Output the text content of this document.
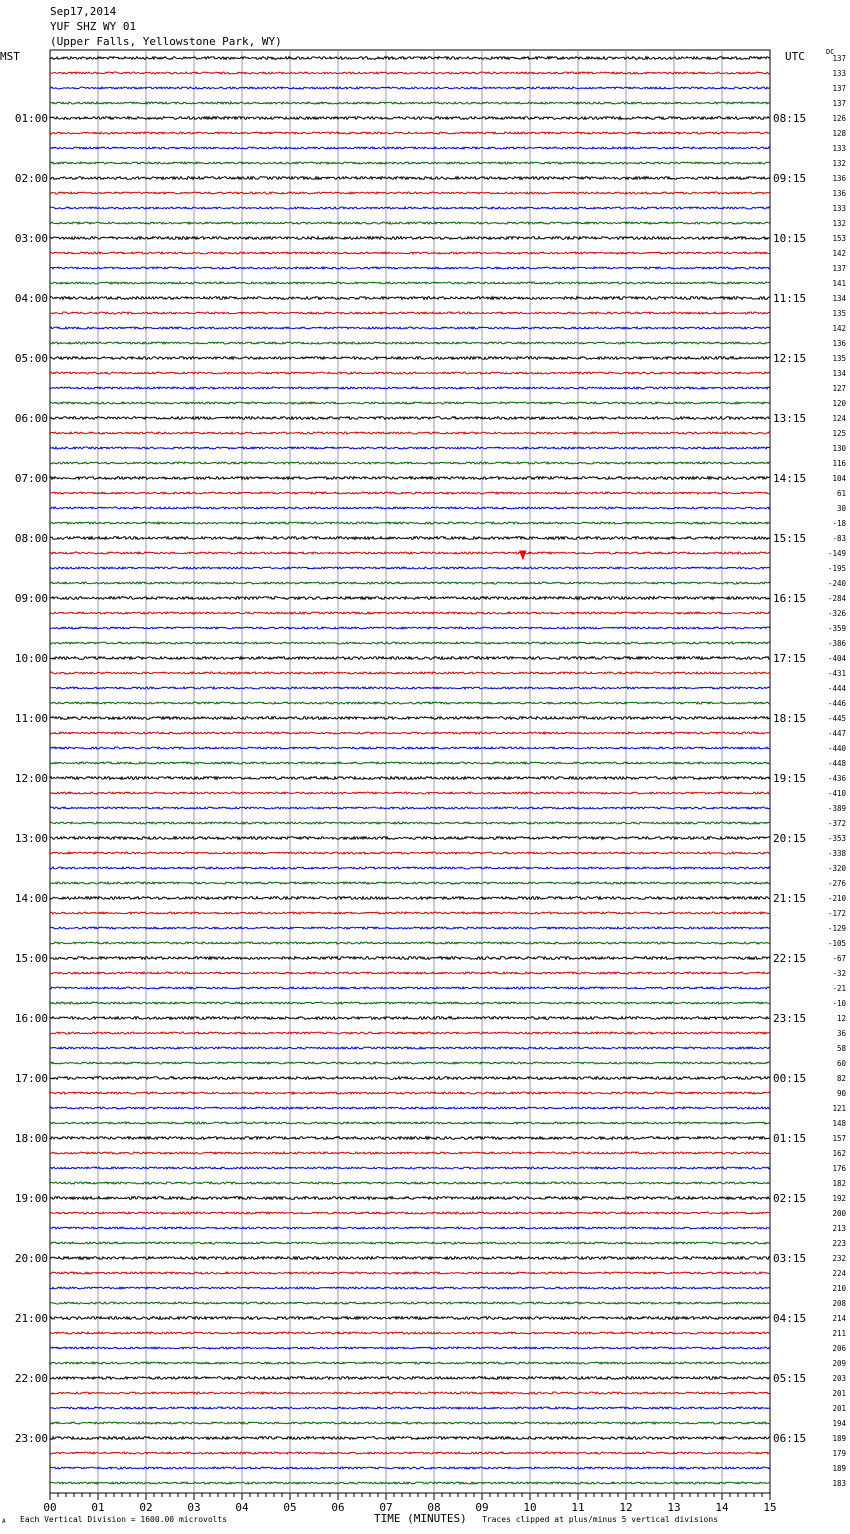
Sep17,2014
YUF SHZ WY 01
(Upper Falls, Yellowstone Park, WY)
MST	UTC	DC
137
133
137
137
126
128
133
132
136
136
133
132
153
142
137
141
134
135
142
136
135
134
127
120
124
125
130
116
104
61
30
-18
-83
-149
-195
-240
-284
-326
-359
-386
-404
-431
-444
-446
-445
-447
-440
-448
-436
-410
-389
-372
-353
-338
-320
-276
-210
-172
-129
-105
-67
-32
-21
-10
12
36
58
60
82
90
121
148
157
162
176
182
192
200
213
223
232
224
210
208
214
211
206
209
203
201
201
194
189
179
189
183
01:00
02:00
03:00
04:00
05:00
06:00
07:00
08:00
09:00
10:00
11:00
12:00
13:00
14:00
15:00
16:00
17:00
18:00
19:00
20:00
21:00
22:00
23:00
08:15
09:15
10:15
11:15
12:15
13:15
14:15
15:15
16:15
17:15
18:15
19:15
20:15
21:15
22:15
23:15
00:15
01:15
02:15
03:15
04:15
05:15
06:15
00	01	02	03	04	05	06	07	08	09	10	11	12	13	14	15
A Each Vertical Division = 1600.00 microvolts	TIME (MINUTES) Traces clipped at plus/minus 5 vertical divisions
